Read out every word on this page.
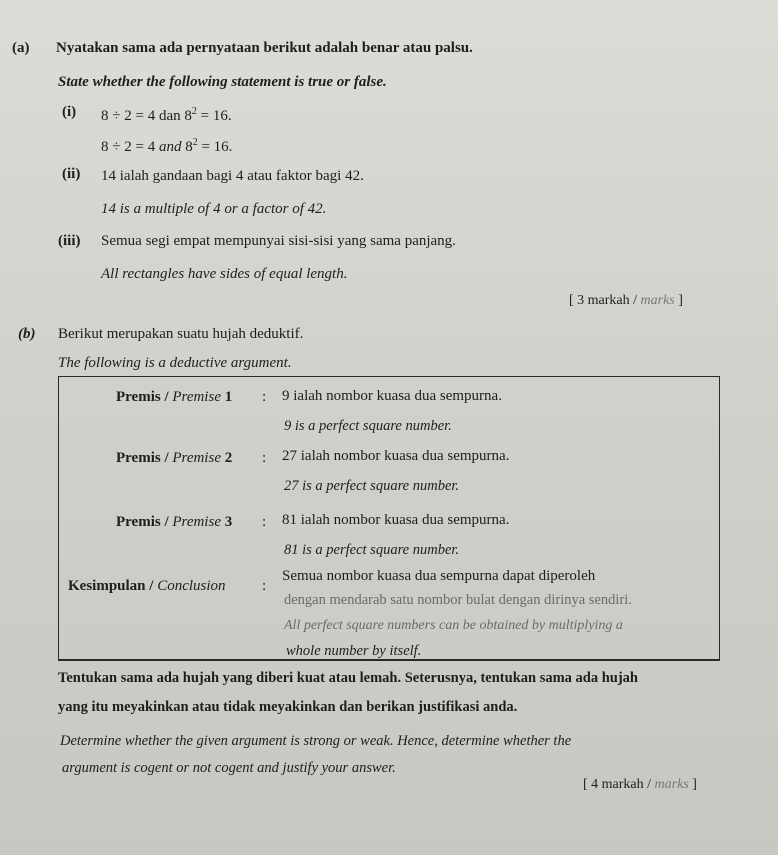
(a) Nyatakan sama ada pernyataan berikut adalah benar atau palsu.
State whether the following statement is true or false.
(i) 8 ÷ 2 = 4 dan $8^2 = 16$.
8 ÷ 2 = 4 and $8^2 = 16$.
(ii) 14 ialah gandaan bagi 4 atau faktor bagi 42.
14 is a multiple of 4 or a factor of 42.
(iii) Semua segi empat mempunyai sisi-sisi yang sama panjang.
All rectangles have sides of equal length.
[ 3 markah / marks ]
(b) Berikut merupakan suatu hujah deduktif.
The following is a deductive argument.
Premis / Premise 1 : 9 ialah nombor kuasa dua sempurna.
9 is a perfect square number.
Premis / Premise 2 : 27 ialah nombor kuasa dua sempurna.
27 is a perfect square number.
Premis / Premise 3 : 81 ialah nombor kuasa dua sempurna.
81 is a perfect square number.
Kesimpulan / Conclusion :
Semua nombor kuasa dua sempurna dapat diperoleh
dengan mendarab satu nombor bulat dengan dirinya sendiri.
All perfect square numbers can be obtained by multiplying a
whole number by itself.
Tentukan sama ada hujah yang diberi kuat atau lemah. Seterusnya, tentukan sama ada hujah
yang itu meyakinkan atau tidak meyakinkan dan berikan justifikasi anda.
Determine whether the given argument is strong or weak. Hence, determine whether the
argument is cogent or not cogent and justify your answer.
[ 4 markah / marks ]
